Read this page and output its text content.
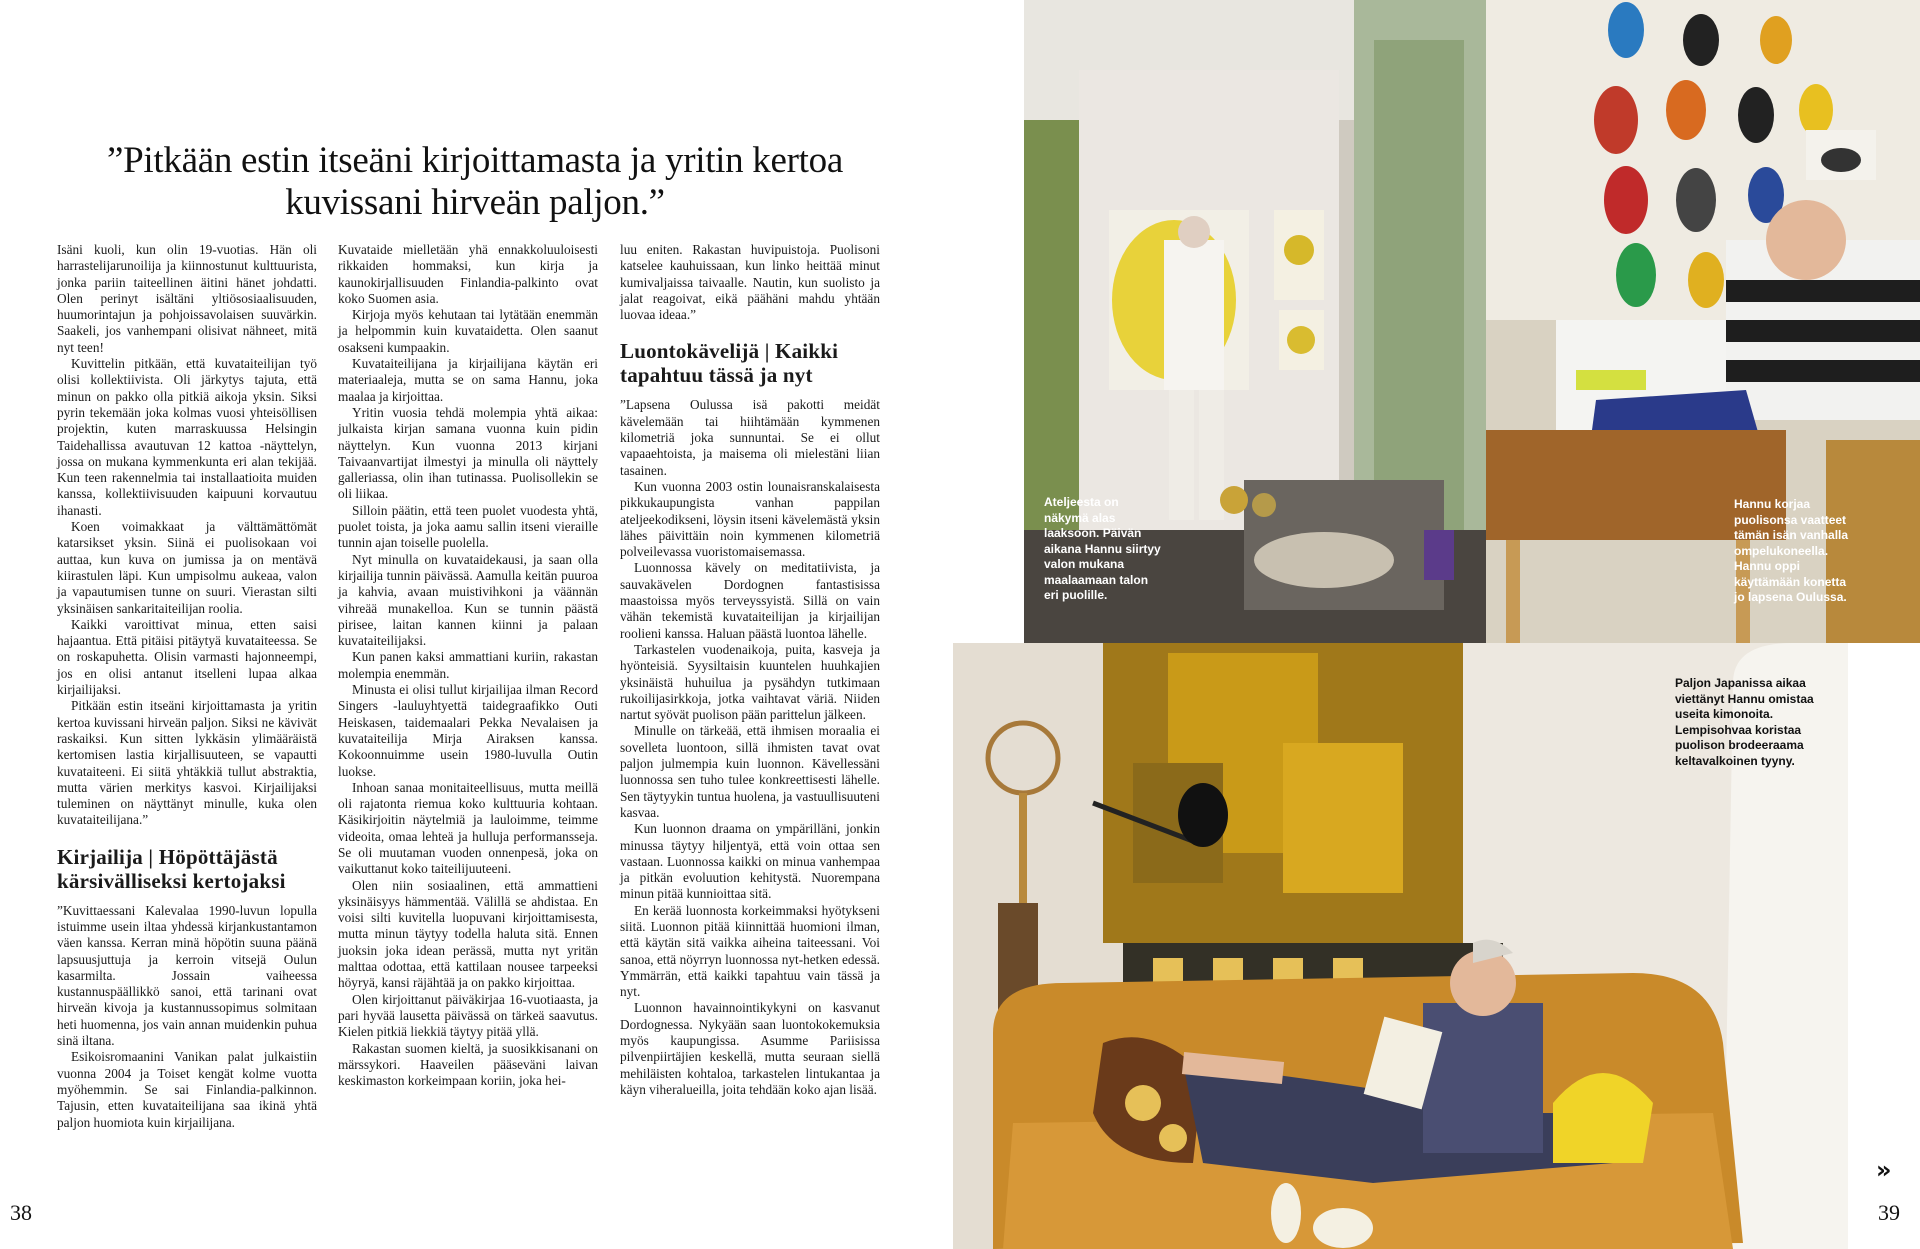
”Pitkään estin itseäni kirjoittamasta ja yritin kertoa kuvissani hirveän paljon.”

Isäni kuoli, kun olin 19-vuotias. Hän oli harrastelijarunoilija ja kiinnostunut kulttuurista, jonka pariin taiteellinen äitini hänet johdatti. Olen perinyt isältäni yltiösosiaalisuuden, huumorintajun ja pohjoissavolaisen suuvärkin. Saakeli, jos vanhempani olisivat nähneet, mitä nyt teen!

Kuvittelin pitkään, että kuvataiteilijan työ olisi kollektiivista. Oli järkytys tajuta, että minun on pakko olla pitkiä aikoja yksin. Siksi pyrin tekemään joka kolmas vuosi yhteisöllisen projektin, kuten marraskuussa Helsingin Taidehallissa avautuvan 12 kattoa -näyttelyn, jossa on mukana kymmenkunta eri alan tekijää. Kun teen rakennelmia tai installaatioita muiden kanssa, kollektiivisuuden kaipuuni korvautuu ihanasti.

Koen voimakkaat ja välttämättömät katarsikset yksin. Siinä ei puolisokaan voi auttaa, kun kuva on jumissa ja on mentävä kiirastulen läpi. Kun umpisolmu aukeaa, valon ja vapautumisen tunne on suuri. Vierastan silti yksinäisen sankaritaiteilijan roolia.

Kaikki varoittivat minua, etten saisi hajaantua. Että pitäisi pitäytyä kuvataiteessa. Se on roskapuhetta. Olisin varmasti hajonneempi, jos en olisi antanut itselleni lupaa alkaa kirjailijaksi.

Pitkään estin itseäni kirjoittamasta ja yritin kertoa kuvissani hirveän paljon. Siksi ne kävivät raskaiksi. Kun sitten lykkäsin ylimääräistä kertomisen lastia kirjallisuuteen, se vapautti kuvataiteeni. Ei siitä yhtäkkiä tullut abstraktia, mutta värien merkitys kasvoi. Kirjailijaksi tuleminen on näyttänyt minulle, kuka olen kuvataiteilijana.”

Kirjailija | Höpöttäjästä kärsivälliseksi kertojaksi

”Kuvittaessani Kalevalaa 1990-luvun lopulla istuimme usein iltaa yhdessä kirjankustantamon väen kanssa. Kerran minä höpötin suuna päänä lapsuusjuttuja ja kerroin vitsejä Oulun kasarmilta. Jossain vaiheessa kustannuspäällikkö sanoi, että tarinani ovat hirveän kivoja ja kustannussopimus solmitaan heti huomenna, jos vain annan muidenkin puhua sinä iltana.

Esikoisromaanini Vanikan palat julkaistiin vuonna 2004 ja Toiset kengät kolme vuotta myöhemmin. Se sai Finlandia-palkinnon. Tajusin, etten kuvataiteilijana saa ikinä yhtä paljon huomiota kuin kirjailijana.

Kuvataide mielletään yhä ennakkoluuloisesti rikkaiden hommaksi, kun kirja ja kaunokirjallisuuden Finlandia-palkinto ovat koko Suomen asia.

Kirjoja myös kehutaan tai lytätään enemmän ja helpommin kuin kuvataidetta. Olen saanut osakseni kumpaakin.

Kuvataiteilijana ja kirjailijana käytän eri materiaaleja, mutta se on sama Hannu, joka maalaa ja kirjoittaa.

Yritin vuosia tehdä molempia yhtä aikaa: julkaista kirjan samana vuonna kuin pidin näyttelyn. Kun vuonna 2013 kirjani Taivaanvartijat ilmestyi ja minulla oli näyttely galleriassa, olin ihan tutinassa. Puolisollekin se oli liikaa.

Silloin päätin, että teen puolet vuodesta yhtä, puolet toista, ja joka aamu sallin itseni vieraille tunnin ajan toiselle puolella.

Nyt minulla on kuvataidekausi, ja saan olla kirjailija tunnin päivässä. Aamulla keitän puuroa ja kahvia, avaan muistivihkoni ja väännän vihreää munakelloa. Kun se tunnin päästä pirisee, laitan kannen kiinni ja palaan kuvataiteilijaksi.

Kun panen kaksi ammattiani kuriin, rakastan molempia enemmän.

Minusta ei olisi tullut kirjailijaa ilman Record Singers -lauluyhtyettä taidegraafikko Outi Heiskasen, taidemaalari Pekka Nevalaisen ja kuvataiteilija Mirja Airaksen kanssa. Kokoonnuimme usein 1980-luvulla Outin luokse.

Inhoan sanaa monitaiteellisuus, mutta meillä oli rajatonta riemua koko kulttuuria kohtaan. Käsikirjoitin näytelmiä ja lauloimme, teimme videoita, omaa lehteä ja hulluja performansseja. Se oli muutaman vuoden onnenpesä, joka on vaikuttanut koko taiteilijuuteeni.

Olen niin sosiaalinen, että ammattieni yksinäisyys hämmentää. Välillä se ahdistaa. En voisi silti kuvitella luopuvani kirjoittamisesta, mutta minun täytyy todella haluta sitä. Ennen juoksin joka idean perässä, mutta nyt yritän malttaa odottaa, että kattilaan nousee tarpeeksi höyryä, kansi räjähtää ja on pakko kirjoittaa.

Olen kirjoittanut päiväkirjaa 16-vuotiaasta, ja pari hyvää lausetta päivässä on tärkeä saavutus. Kielen pitkiä liekkiä täytyy pitää yllä.

Rakastan suomen kieltä, ja suosikkisanani on märssykori. Haaveilen pääseväni laivan keskimaston korkeimpaan koriin, joka hei-

luu eniten. Rakastan huvipuistoja. Puolisoni katselee kauhuissaan, kun linko heittää minut kumivaljaissa taivaalle. Nautin, kun suolisto ja jalat reagoivat, eikä päähäni mahdu yhtään luovaa ideaa.”

Luontokävelijä | Kaikki tapahtuu tässä ja nyt

”Lapsena Oulussa isä pakotti meidät kävelemään tai hiihtämään kymmenen kilometriä joka sunnuntai. Se ei ollut vapaaehtoista, ja maisema oli mielestäni liian tasainen.

Kun vuonna 2003 ostin lounaisranskalaisesta pikkukaupungista vanhan pappilan ateljeekodikseni, löysin itseni kävelemästä yksin lähes päivittäin noin kymmenen kilometriä polveilevassa vuoristomaisemassa.

Luonnossa kävely on meditatiivista, ja sauvakävelen Dordognen fantastisissa maastoissa myös terveyssyistä. Sillä on vain vähän tekemistä kuvataiteilijan ja kirjailijan roolieni kanssa. Haluan päästä luontoa lähelle.

Tarkastelen vuodenaikoja, puita, kasveja ja hyönteisiä. Syysiltaisin kuuntelen huuhkajien yksinäistä huhuilua ja pysähdyn tutkimaan rukoilijasirkkoja, jotka vaihtavat väriä. Niiden nartut syövät puolison pään parittelun jälkeen.

Minulle on tärkeää, että ihmisen moraalia ei sovelleta luontoon, sillä ihmisten tavat ovat paljon julmempia kuin luonnon. Kävellessäni luonnossa sen tuho tulee konkreettisesti lähelle. Sen täytyykin tuntua huolena, ja vastuullisuuteni kasvaa.

Kun luonnon draama on ympärilläni, jonkin minussa täytyy hiljentyä, että voin ottaa sen vastaan. Luonnossa kaikki on minua vanhempaa ja pitkän evoluution kehitystä. Nuorempana minun pitää kunnioittaa sitä.

En kerää luonnosta korkeimmaksi hyötykseni siitä. Luonnon pitää kiinnittää huomioni ilman, että käytän sitä vaikka aiheina taiteessani. Voi sanoa, että nöyrryn luonnossa nyt-hetken edessä. Ymmärrän, että kaikki tapahtuu vain tässä ja nyt.

Luonnon havainnointikykyni on kasvanut Dordognessa. Nykyään saan luontokokemuksia myös kaupungissa. Asumme Pariisissa pilvenpiirtäjien keskellä, mutta seuraan siellä mehiläisten kohtaloa, tarkastelen lintukantaa ja käyn viheralueilla, joita tehdään koko ajan lisää.

38
Ateljeesta on näkymä alas laaksoon. Päivän aikana Hannu siirtyy valon mukana maalaamaan talon eri puolille.
Hannu korjaa puolisonsa vaatteet tämän isän vanhalla ompelukoneella. Hannu oppi käyttämään konetta jo lapsena Oulussa.
Paljon Japanissa aikaa viettänyt Hannu omistaa useita kimonoita. Lempisohvaa koristaa puolison brodeeraama keltavalkoinen tyyny.
»
39
